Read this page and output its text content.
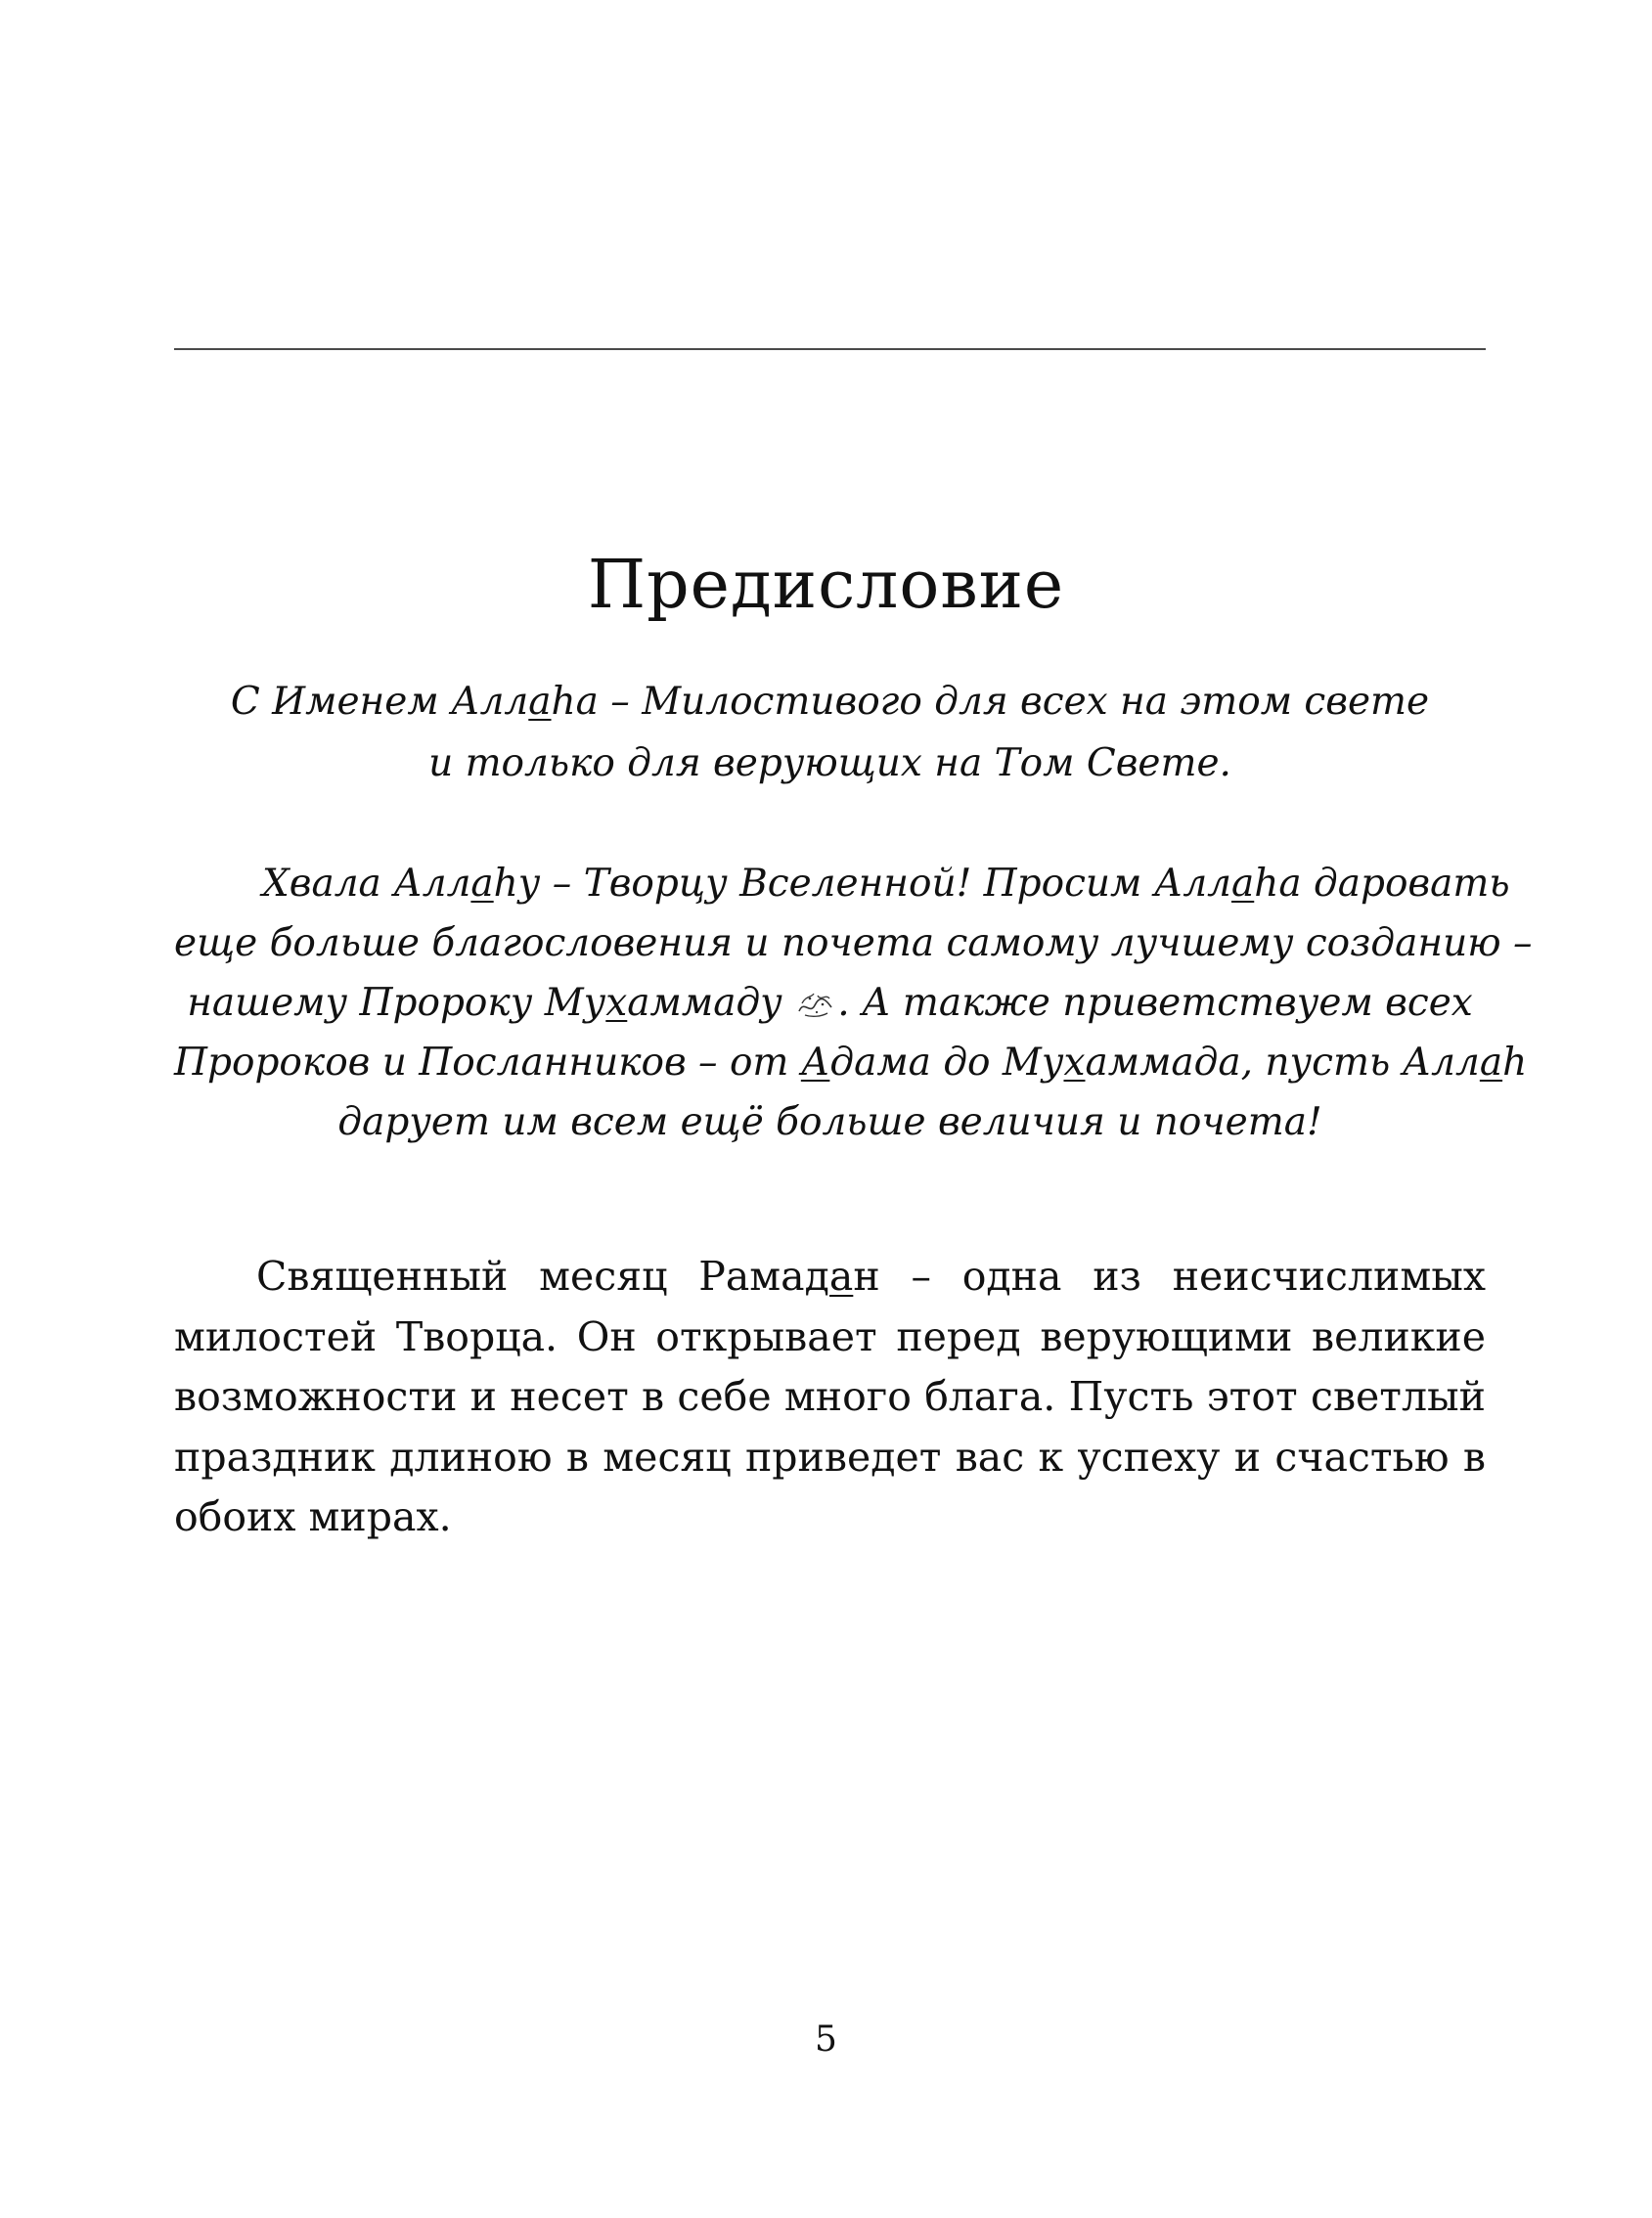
Предисловие
С Именем Аллаhа – Милостивого для всех на этом свете
и только для верующих на Том Свете.
Хвала Аллаhу – Творцу Вселенной! Просим Аллаhа даровать
еще больше благословения и почета самому лучшему созданию –
нашему Пророку Мухаммаду . А также приветствуем всех
Пророков и Посланников – от Адама до Мухаммада, пусть Аллаh
дарует им всем ещё больше величия и почета!
Священный месяц Рамадан – одна из неисчислимых
милостей Творца. Он открывает перед верующими великие
возможности и несет в себе много блага. Пусть этот светлый
праздник длиною в месяц приведет вас к успеху и счастью в
обоих мирах.
5
